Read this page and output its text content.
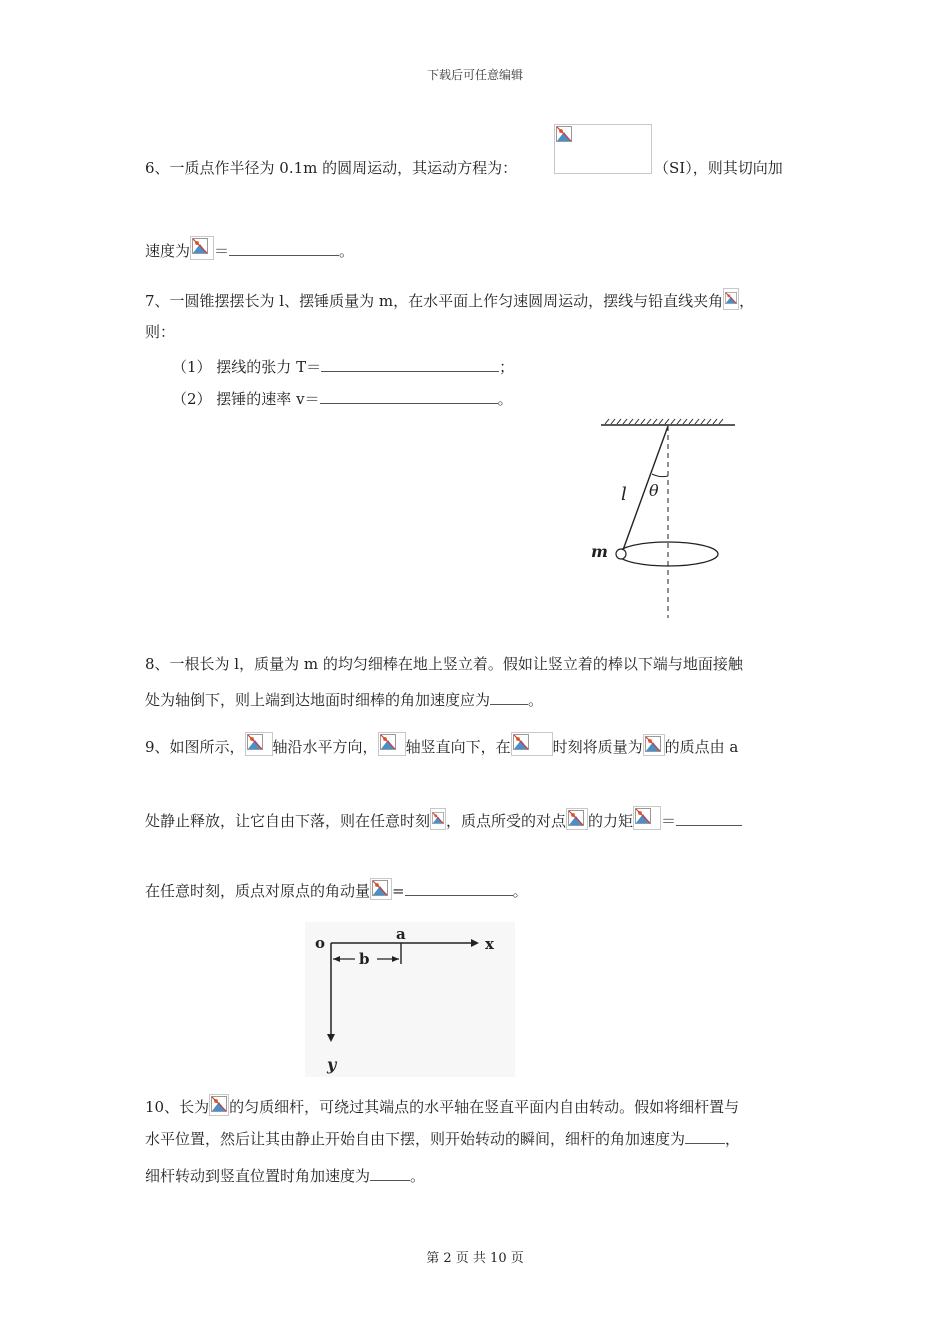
下载后可任意编辑
6、一质点作半径为 0.1m 的圆周运动，其运动方程为：	（SI），则其切向加
速度为 ＝	。
7、一圆锥摆摆长为 l、摆锤质量为 m，在水平面上作匀速圆周运动，摆线与铅直线夹角 ，
则：
（1） 摆线的张力 T＝	；
（2） 摆锤的速率 v＝	。
l θ
m
8、一根长为 l，质量为 m 的均匀细棒在地上竖立着。假如让竖立着的棒以下端与地面接触
处为轴倒下，则上端到达地面时细棒的角加速度应为	。
9、如图所示， 轴沿水平方向， 轴竖直向下，在	时刻将质量为 的质点由 a
处静止释放，让它自由下落，则在任意时刻 ，质点所受的对点 的力矩 ＝
在任意时刻，质点对原点的角动量 =	。
o	a
x
b
y
10、长为 的匀质细杆，可绕过其端点的水平轴在竖直平面内自由转动。假如将细杆置与
水平位置，然后让其由静止开始自由下摆，则开始转动的瞬间，细杆的角加速度为	，
细杆转动到竖直位置时角加速度为	。
第 2 页 共 10 页
